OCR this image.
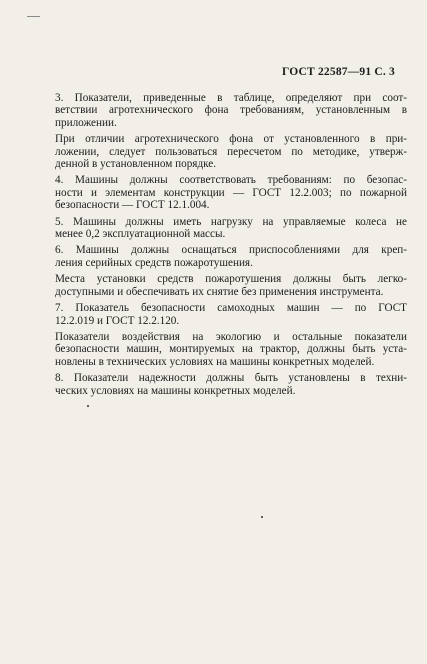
ГОСТ 22587—91 С. 3
3. Показатели, приведенные в таблице, определяют при соот-
ветствии агротехнического фона требованиям, установленным в
приложении.
При отличии агротехнического фона от установленного в при-
ложении, следует пользоваться пересчетом по методике, утверж-
денной в установленном порядке.
4. Машины должны соответствовать требованиям: по безопас-
ности и элементам конструкции — ГОСТ 12.2.003; по пожарной
безопасности — ГОСТ 12.1.004.
5. Машины должны иметь нагрузку на управляемые колеса не
менее 0,2 эксплуатационной массы.
6. Машины должны оснащаться приспособлениями для креп-
ления серийных средств пожаротушения.
Места установки средств пожаротушения должны быть легко-
доступными и обеспечивать их снятие без применения инструмента.
7. Показатель безопасности самоходных машин — по ГОСТ
12.2.019 и ГОСТ 12.2.120.
Показатели воздействия на экологию и остальные показатели
безопасности машин, монтируемых на трактор, должны быть уста-
новлены в технических условиях на машины конкретных моделей.
8. Показатели надежности должны быть установлены в техни-
ческих условиях на машины конкретных моделей.
